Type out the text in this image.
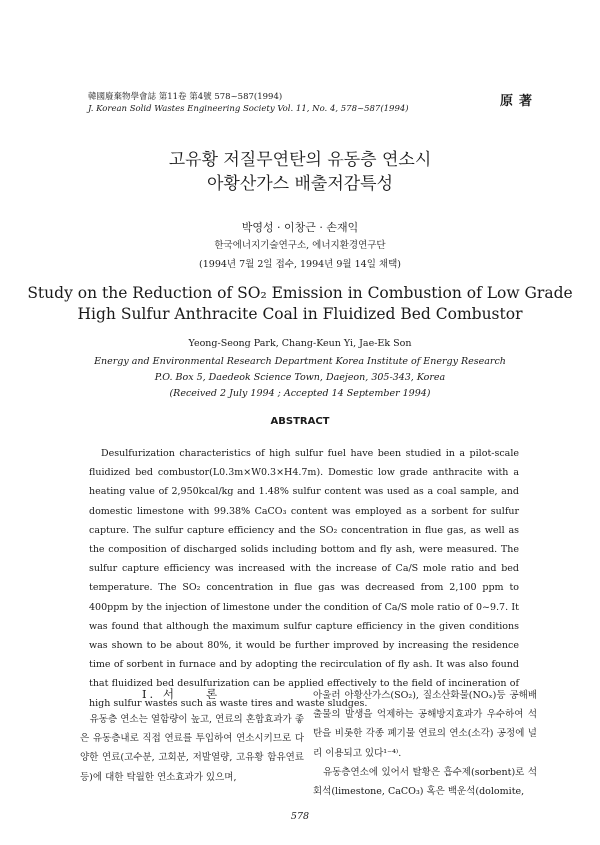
韓國廢棄物學會誌 第11卷 第4號 578~587(1994)
J. Korean Solid Wastes Engineering Society Vol. 11, No. 4, 578~587(1994)	原著
고유황 저질무연탄의 유동층 연소시
아황산가스 배출저감특성
박영성 · 이창근 · 손재익
한국에너지기술연구소, 에너지환경연구단
(1994년 7월 2일 접수, 1994년 9월 14일 채택)
Study on the Reduction of SO₂ Emission in Combustion of Low Grade
High Sulfur Anthracite Coal in Fluidized Bed Combustor
Yeong-Seong Park, Chang-Keun Yi, Jae-Ek Son
Energy and Environmental Research Department Korea Institute of Energy Research
P.O. Box 5, Daedeok Science Town, Daejeon, 305-343, Korea
(Received 2 July 1994 ; Accepted 14 September 1994)
ABSTRACT

Desulfurization characteristics of high sulfur fuel have been studied in a pilot-scale fluidized bed combustor(L0.3m×W0.3×H4.7m). Domestic low grade anthracite with a heating value of 2,950kcal/kg and 1.48% sulfur content was used as a coal sample, and domestic limestone with 99.38% CaCO₃ content was employed as a sorbent for sulfur capture. The sulfur capture efficiency and the SO₂ concentration in flue gas, as well as the composition of discharged solids including bottom and fly ash, were measured. The sulfur capture efficiency was increased with the increase of Ca/S mole ratio and bed temperature. The SO₂ concentration in flue gas was decreased from 2,100 ppm to 400ppm by the injection of limestone under the condition of Ca/S mole ratio of 0~9.7. It was found that although the maximum sulfur capture efficiency in the given conditions was shown to be about 80%, it would be further improved by increasing the residence time of sorbent in furnace and by adopting the recirculation of fly ash. It was also found that fluidized bed desulfurization can be applied effectively to the field of incineration of high sulfur wastes such as waste tires and waste sludges.

I. 서　　론

　유동층 연소는 열함량이 높고, 연료의 혼합효과가 좋은 유동층내로 직접 연료를 투입하여 연소시키므로 다양한 연료(고수분, 고회분, 저발열량, 고유황 함유연료등)에 대한 탁월한 연소효과가 있으며,

아울러 아황산가스(SO₂), 질소산화물(NOₓ)등 공해배출물의 발생을 억제하는 공해방지효과가 우수하여 석탄을 비롯한 각종 폐기물 연료의 연소(소각) 공정에 널리 이용되고 있다¹⁻⁴⁾.
　유동층연소에 있어서 탈황은 흡수제(sorbent)로 석회석(limestone, CaCO₃) 혹은 백운석(dolomite,

578
